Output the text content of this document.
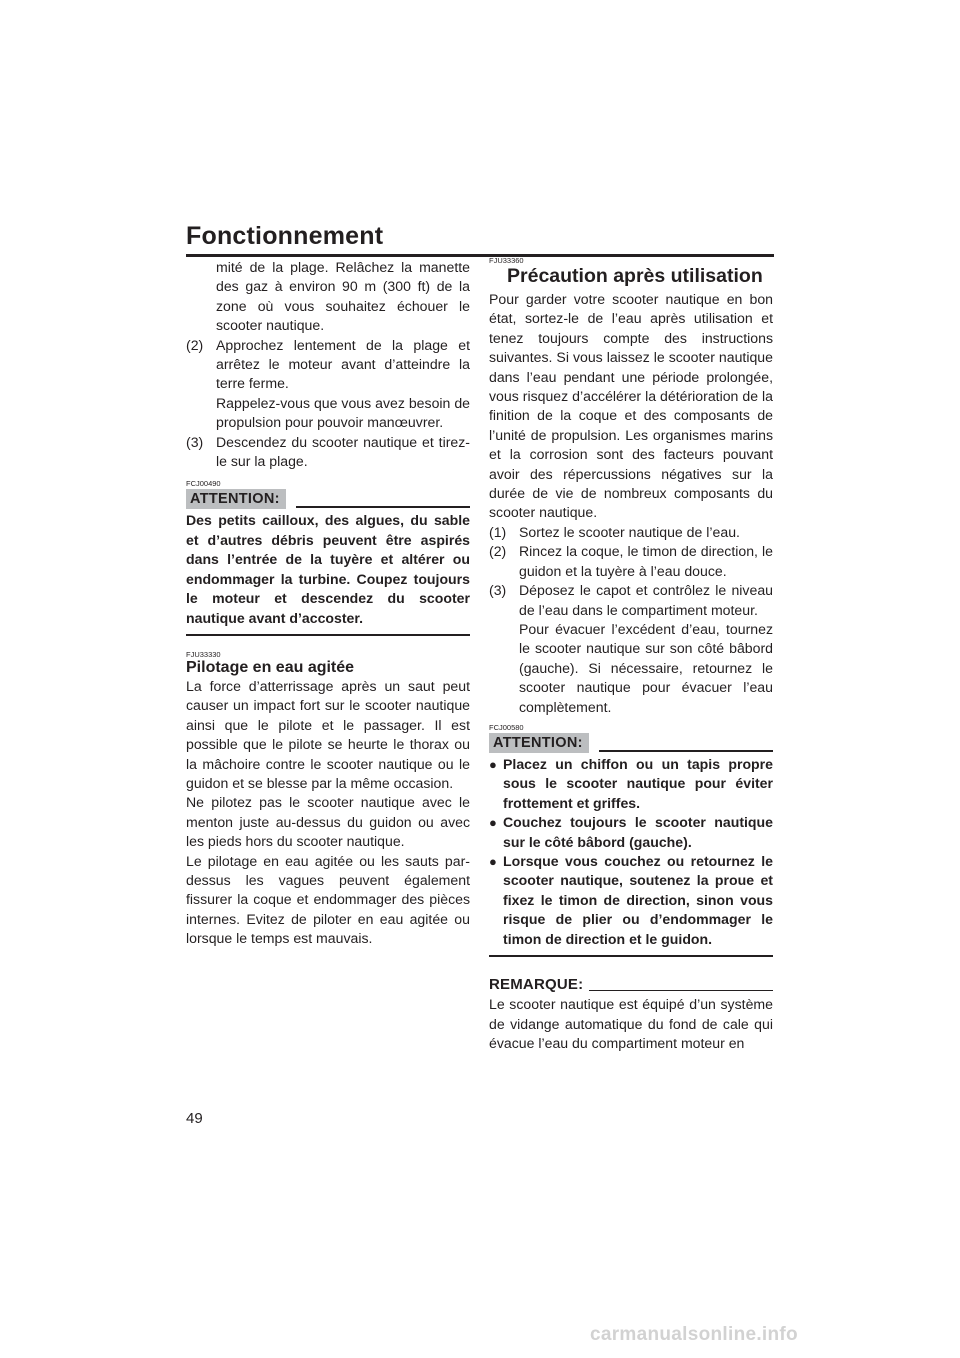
Fonctionnement

mité de la plage. Relâchez la manette des gaz à environ 90 m (300 ft) de la zone où vous souhaitez échouer le scooter nautique.

(2) Approchez lentement de la plage et arrêtez le moteur avant d’atteindre la terre ferme.

Rappelez-vous que vous avez besoin de propulsion pour pouvoir manœuvrer.

(3) Descendez du scooter nautique et tirez-le sur la plage.

FCJ00490

ATTENTION:

Des petits cailloux, des algues, du sable et d’autres débris peuvent être aspirés dans l’entrée de la tuyère et altérer ou endommager la turbine. Coupez toujours le moteur et descendez du scooter nautique avant d’accoster.

FJU33330

Pilotage en eau agitée

La force d’atterrissage après un saut peut causer un impact fort sur le scooter nautique ainsi que le pilote et le passager. Il est possible que le pilote se heurte le thorax ou la mâchoire contre le scooter nautique ou le guidon et se blesse par la même occasion.

Ne pilotez pas le scooter nautique avec le menton juste au-dessus du guidon ou avec les pieds hors du scooter nautique.

Le pilotage en eau agitée ou les sauts par-dessus les vagues peuvent également fissurer la coque et endommager des pièces internes. Evitez de piloter en eau agitée ou lorsque le temps est mauvais.

FJU33360

Précaution après utilisation

Pour garder votre scooter nautique en bon état, sortez-le de l’eau après utilisation et tenez toujours compte des instructions suivantes. Si vous laissez le scooter nautique dans l’eau pendant une période prolongée, vous risquez d’accélérer la détérioration de la finition de la coque et des composants de l’unité de propulsion. Les organismes marins et la corrosion sont des facteurs pouvant avoir des répercussions négatives sur la durée de vie de nombreux composants du scooter nautique.

(1) Sortez le scooter nautique de l’eau.
(2) Rincez la coque, le timon de direction, le guidon et la tuyère à l’eau douce.
(3) Déposez le capot et contrôlez le niveau de l’eau dans le compartiment moteur.

Pour évacuer l’excédent d’eau, tournez le scooter nautique sur son côté bâbord (gauche). Si nécessaire, retournez le scooter nautique pour évacuer l’eau complètement.

FCJ00580

ATTENTION:
● Placez un chiffon ou un tapis propre sous le scooter nautique pour éviter frottement et griffes.
● Couchez toujours le scooter nautique sur le côté bâbord (gauche).
● Lorsque vous couchez ou retournez le scooter nautique, soutenez la proue et fixez le timon de direction, sinon vous risque de plier ou d’endommager le timon de direction et le guidon.
REMARQUE:

Le scooter nautique est équipé d’un système de vidange automatique du fond de cale qui évacue l’eau du compartiment moteur en

49
carmanualsonline.info
